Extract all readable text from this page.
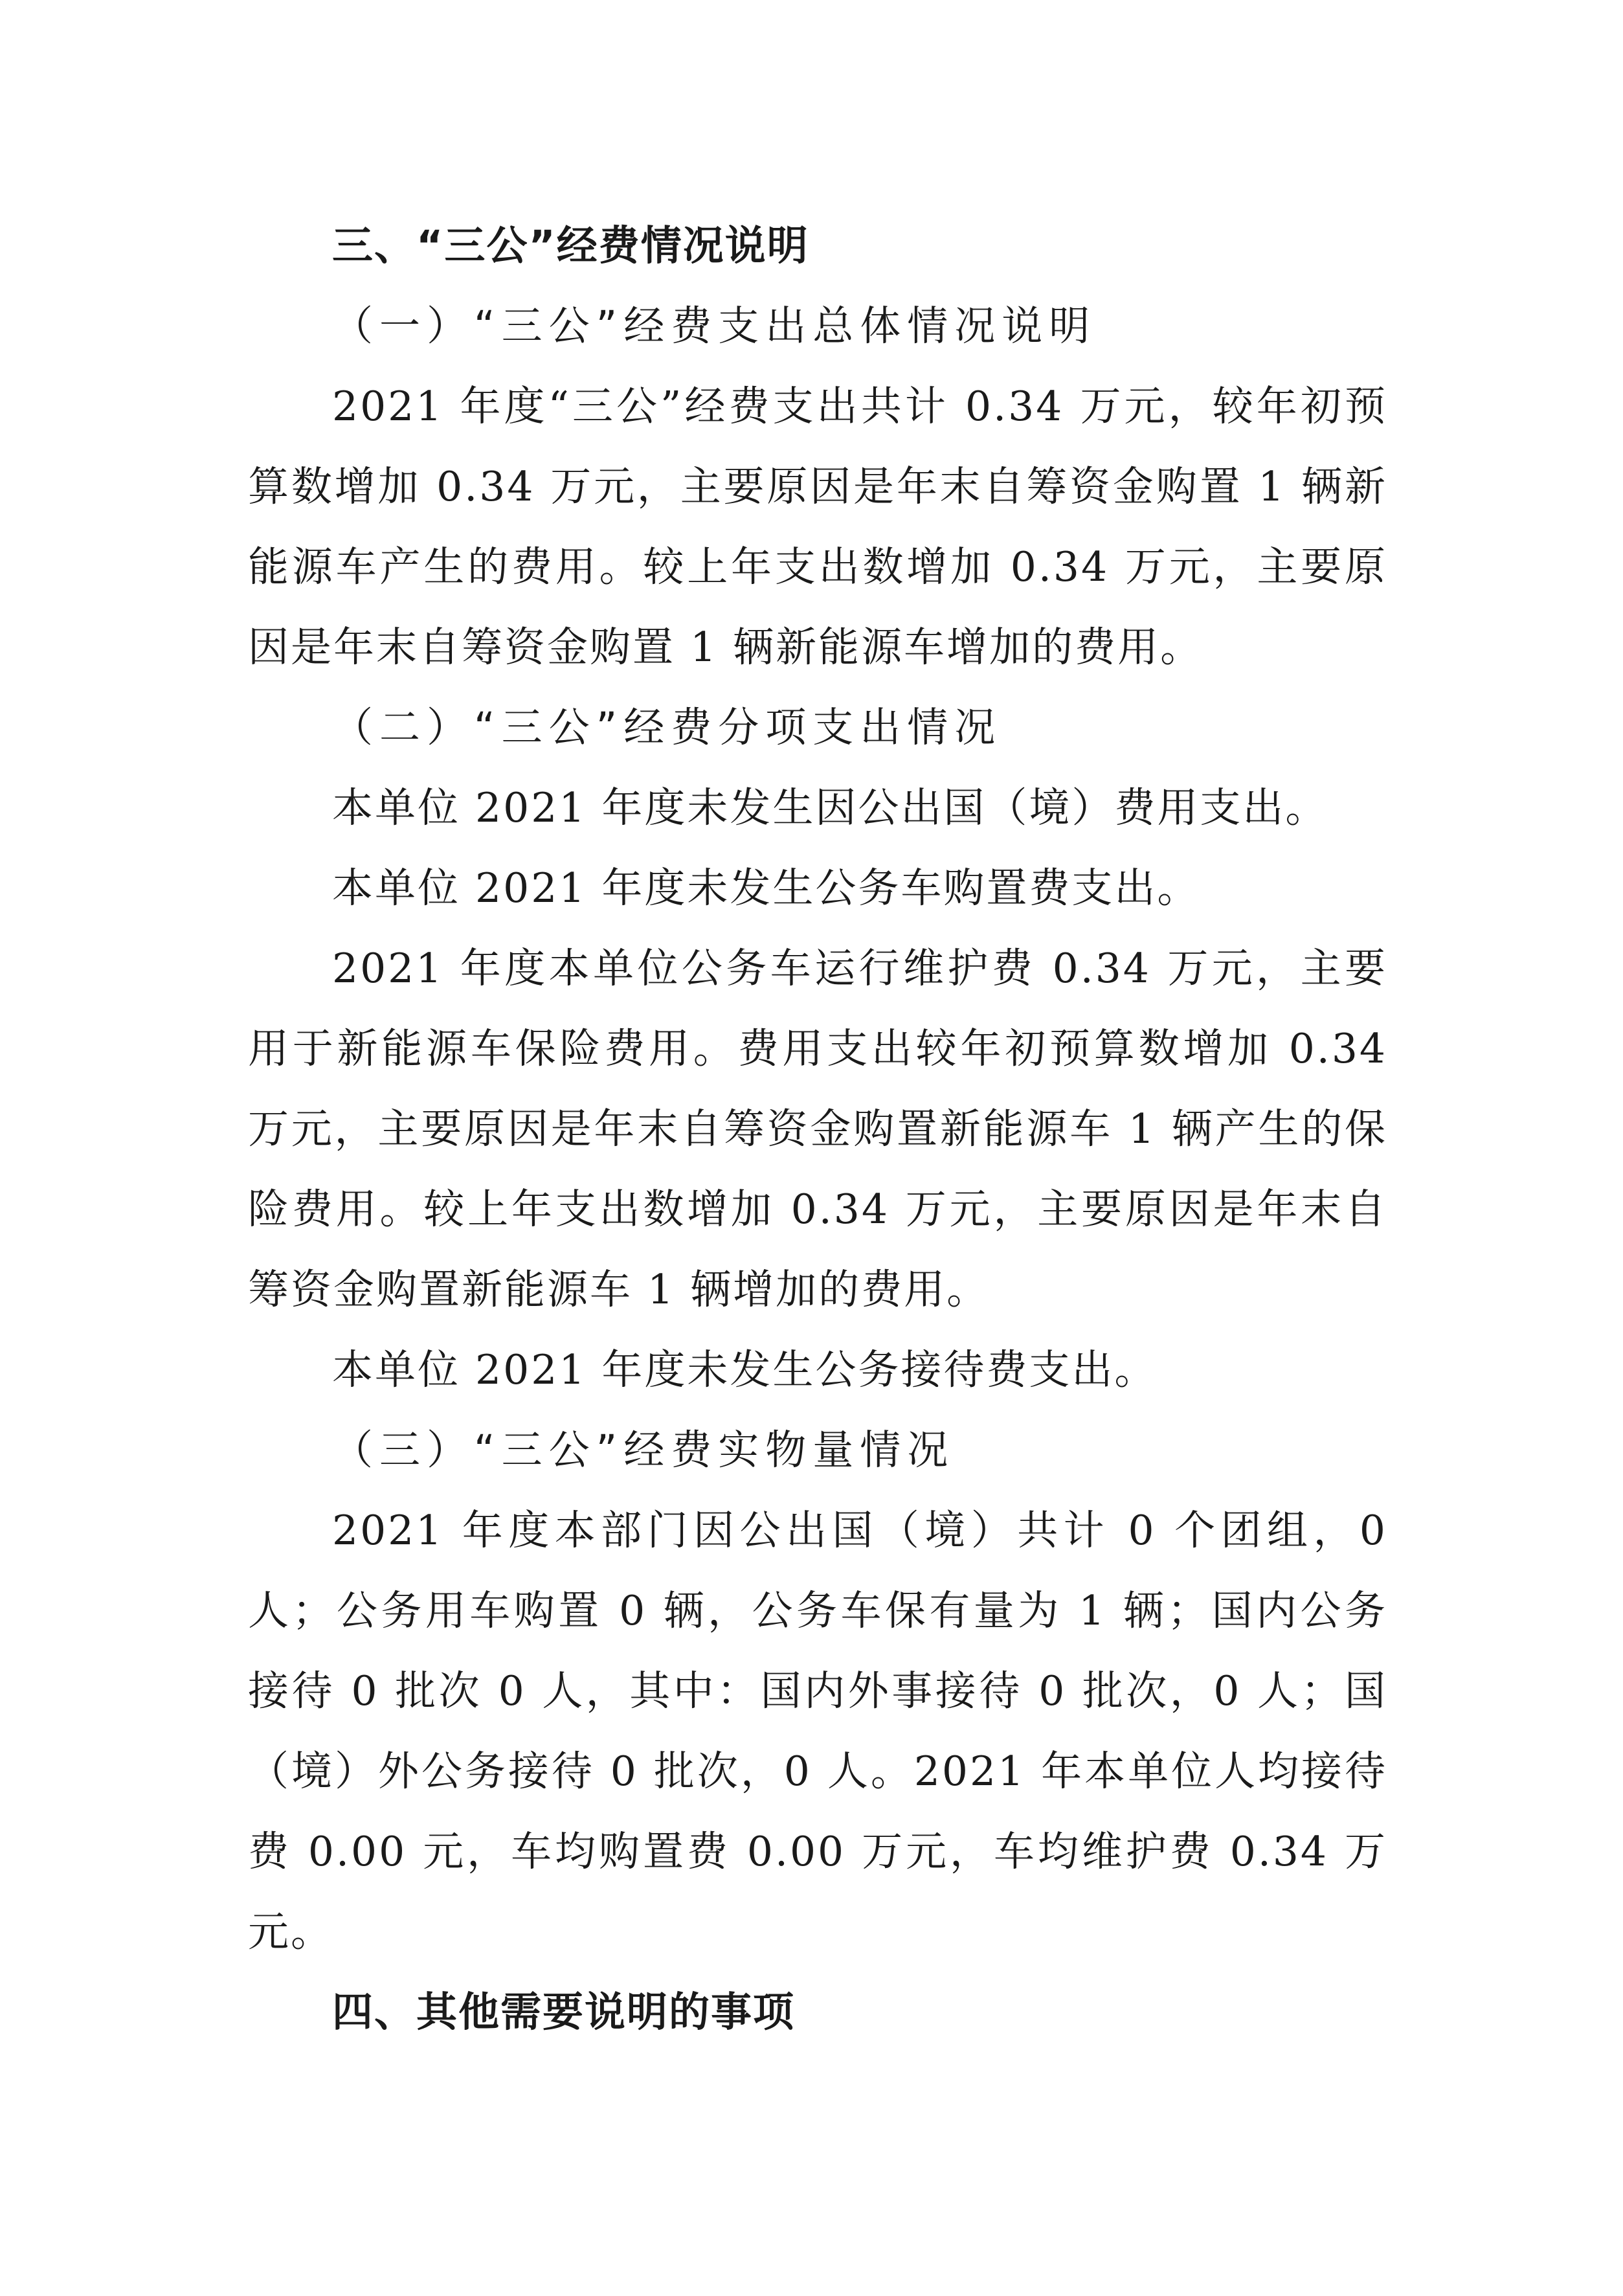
三、“三公”经费情况说明

（一）“三公”经费支出总体情况说明

2021 年度“三公”经费支出共计 0.34 万元，较年初预算数增加 0.34 万元，主要原因是年末自筹资金购置 1 辆新能源车产生的费用。较上年支出数增加 0.34 万元，主要原因是年末自筹资金购置 1 辆新能源车增加的费用。

（二）“三公”经费分项支出情况

本单位 2021 年度未发生因公出国（境）费用支出。

本单位 2021 年度未发生公务车购置费支出。

2021 年度本单位公务车运行维护费 0.34 万元，主要用于新能源车保险费用。费用支出较年初预算数增加 0.34 万元，主要原因是年末自筹资金购置新能源车 1 辆产生的保险费用。较上年支出数增加 0.34 万元，主要原因是年末自筹资金购置新能源车 1 辆增加的费用。

本单位 2021 年度未发生公务接待费支出。

（三）“三公”经费实物量情况

2021 年度本部门因公出国（境）共计 0 个团组，0 人；公务用车购置 0 辆，公务车保有量为 1 辆；国内公务接待 0 批次 0 人，其中：国内外事接待 0 批次，0 人；国（境）外公务接待 0 批次，0 人。2021 年本单位人均接待费 0.00 元，车均购置费 0.00 万元，车均维护费 0.34 万元。

四、其他需要说明的事项
